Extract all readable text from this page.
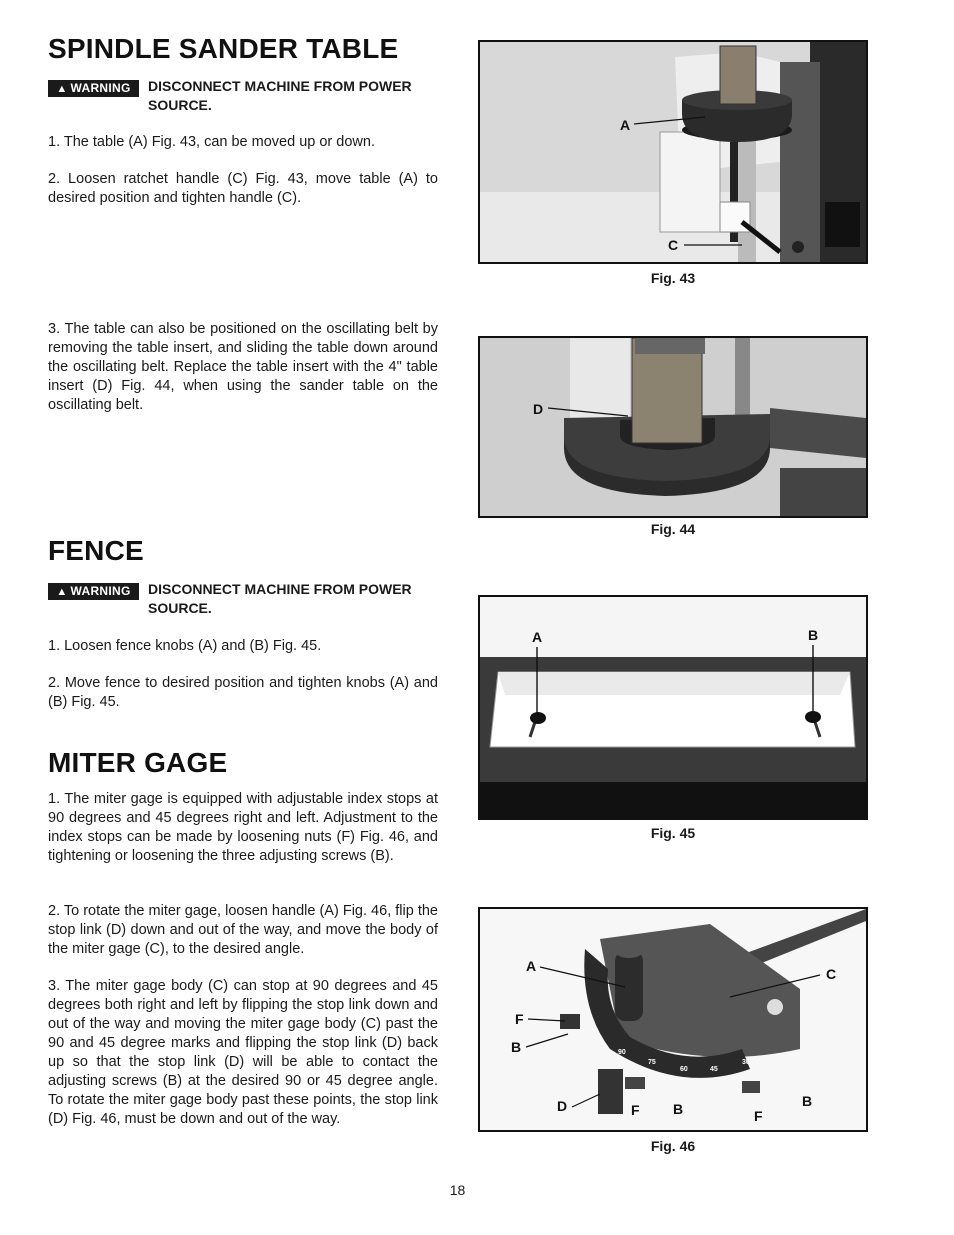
SPINDLE SANDER TABLE
▲ WARNING	DISCONNECT MACHINE FROM POWER SOURCE.

1. The table (A) Fig. 43, can be moved up or down.

2. Loosen ratchet handle (C) Fig. 43, move table (A) to desired position and tighten handle (C).

3. The table can also be positioned on the oscillating belt by removing the table insert, and sliding the table down around the oscillating belt. Replace the table insert with the 4" table insert (D) Fig. 44, when using the sander table on the oscillating belt.

FENCE
▲ WARNING	DISCONNECT MACHINE FROM POWER SOURCE.

1. Loosen fence knobs (A) and (B) Fig. 45.

2. Move fence to desired position and tighten knobs (A) and (B) Fig. 45.

MITER GAGE

1. The miter gage is equipped with adjustable index stops at 90 degrees and 45 degrees right and left. Adjustment to the index stops can be made by loosening nuts (F) Fig. 46, and tightening or loosening the three adjusting screws (B).

2. To rotate the miter gage, loosen handle (A) Fig. 46, flip the stop link (D) down and out of the way, and move the body of the miter gage (C), to the desired angle.

3. The miter gage body (C) can stop at 90 degrees and 45 degrees both right and left by flipping the stop link down and out of the way and moving the miter gage body (C) past the 90 and 45 degree marks and flipping the stop link (D) back up so that the stop link (D) will be able to contact the adjusting screws (B) at the desired 90 or 45 degree angle. To rotate the miter gage body past these points, the stop link (D) Fig. 46, must be down and out of the way.

A
C
Fig. 43
D
Fig. 44
A	B
Fig. 45
90
75
60	45
30
A	C
F
B
D	F B	F
B
Fig. 46
18
